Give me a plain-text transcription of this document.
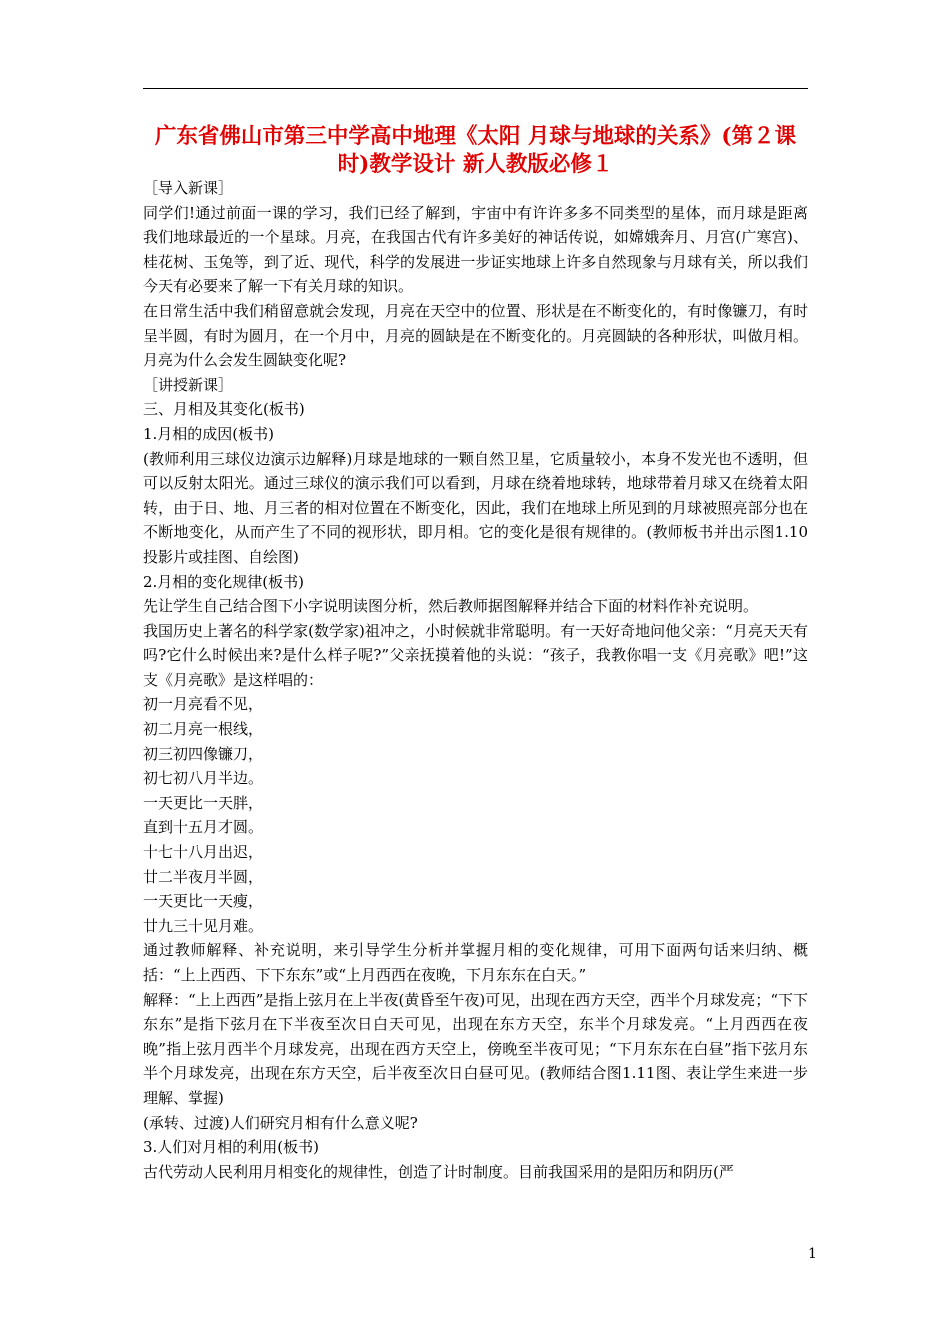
广东省佛山市第三中学高中地理《太阳 月球与地球的关系》(第２课时)教学设计 新人教版必修１

［导入新课］

同学们!通过前面一课的学习，我们已经了解到，宇宙中有许许多多不同类型的星体，而月球是距离我们地球最近的一个星球。月亮，在我国古代有许多美好的神话传说，如嫦娥奔月、月宫(广寒宫)、桂花树、玉兔等，到了近、现代，科学的发展进一步证实地球上许多自然现象与月球有关，所以我们今天有必要来了解一下有关月球的知识。

在日常生活中我们稍留意就会发现，月亮在天空中的位置、形状是在不断变化的，有时像镰刀，有时呈半圆，有时为圆月，在一个月中，月亮的圆缺是在不断变化的。月亮圆缺的各种形状，叫做月相。月亮为什么会发生圆缺变化呢?

［讲授新课］

三、月相及其变化(板书)

1.月相的成因(板书)

(教师利用三球仪边演示边解释)月球是地球的一颗自然卫星，它质量较小，本身不发光也不透明，但可以反射太阳光。通过三球仪的演示我们可以看到，月球在绕着地球转，地球带着月球又在绕着太阳转，由于日、地、月三者的相对位置在不断变化，因此，我们在地球上所见到的月球被照亮部分也在不断地变化，从而产生了不同的视形状，即月相。它的变化是很有规律的。(教师板书并出示图1.10投影片或挂图、自绘图)

2.月相的变化规律(板书)

先让学生自己结合图下小字说明读图分析，然后教师据图解释并结合下面的材料作补充说明。

我国历史上著名的科学家(数学家)祖冲之，小时候就非常聪明。有一天好奇地问他父亲：“月亮天天有吗?它什么时候出来?是什么样子呢?”父亲抚摸着他的头说：“孩子，我教你唱一支《月亮歌》吧!”这支《月亮歌》是这样唱的：

初一月亮看不见，

初二月亮一根线，

初三初四像镰刀，

初七初八月半边。

一天更比一天胖，

直到十五月才圆。

十七十八月出迟，

廿二半夜月半圆，

一天更比一天瘦，

廿九三十见月难。

通过教师解释、补充说明，来引导学生分析并掌握月相的变化规律，可用下面两句话来归纳、概括：“上上西西、下下东东”或“上月西西在夜晚，下月东东在白天。”

解释：“上上西西”是指上弦月在上半夜(黄昏至午夜)可见，出现在西方天空，西半个月球发亮；“下下东东”是指下弦月在下半夜至次日白天可见，出现在东方天空，东半个月球发亮。“上月西西在夜晚”指上弦月西半个月球发亮，出现在西方天空上，傍晚至半夜可见；“下月东东在白昼”指下弦月东半个月球发亮，出现在东方天空，后半夜至次日白昼可见。(教师结合图1.11图、表让学生来进一步理解、掌握)

(承转、过渡)人们研究月相有什么意义呢?

3.人们对月相的利用(板书)

古代劳动人民利用月相变化的规律性，创造了计时制度。目前我国采用的是阳历和阴历(严

1
